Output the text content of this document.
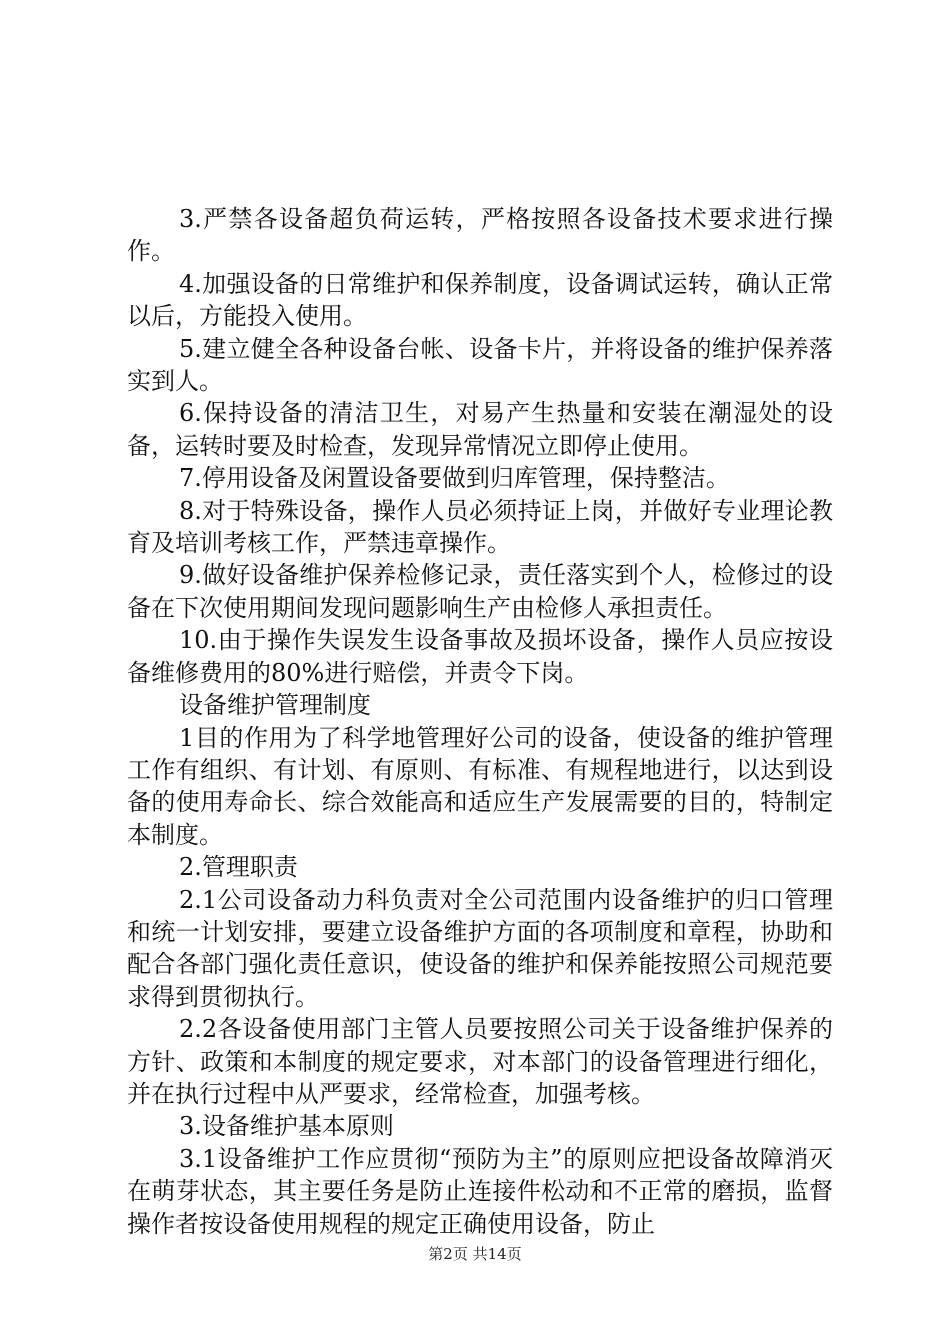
3.严禁各设备超负荷运转，严格按照各设备技术要求进行操作。

4.加强设备的日常维护和保养制度，设备调试运转，确认正常以后，方能投入使用。

5.建立健全各种设备台帐、设备卡片，并将设备的维护保养落实到人。

6.保持设备的清洁卫生，对易产生热量和安装在潮湿处的设备，运转时要及时检查，发现异常情况立即停止使用。

7.停用设备及闲置设备要做到归库管理，保持整洁。

8.对于特殊设备，操作人员必须持证上岗，并做好专业理论教育及培训考核工作，严禁违章操作。

9.做好设备维护保养检修记录，责任落实到个人，检修过的设备在下次使用期间发现问题影响生产由检修人承担责任。

10.由于操作失误发生设备事故及损坏设备，操作人员应按设备维修费用的80%进行赔偿，并责令下岗。

设备维护管理制度

1目的作用为了科学地管理好公司的设备，使设备的维护管理工作有组织、有计划、有原则、有标准、有规程地进行，以达到设备的使用寿命长、综合效能高和适应生产发展需要的目的，特制定本制度。

2.管理职责

2.1公司设备动力科负责对全公司范围内设备维护的归口管理和统一计划安排，要建立设备维护方面的各项制度和章程，协助和配合各部门强化责任意识，使设备的维护和保养能按照公司规范要求得到贯彻执行。

2.2各设备使用部门主管人员要按照公司关于设备维护保养的方针、政策和本制度的规定要求，对本部门的设备管理进行细化，并在执行过程中从严要求，经常检查，加强考核。

3.设备维护基本原则

3.1设备维护工作应贯彻“预防为主”的原则应把设备故障消灭在萌芽状态，其主要任务是防止连接件松动和不正常的磨损，监督操作者按设备使用规程的规定正确使用设备，防止

第2页 共14页
